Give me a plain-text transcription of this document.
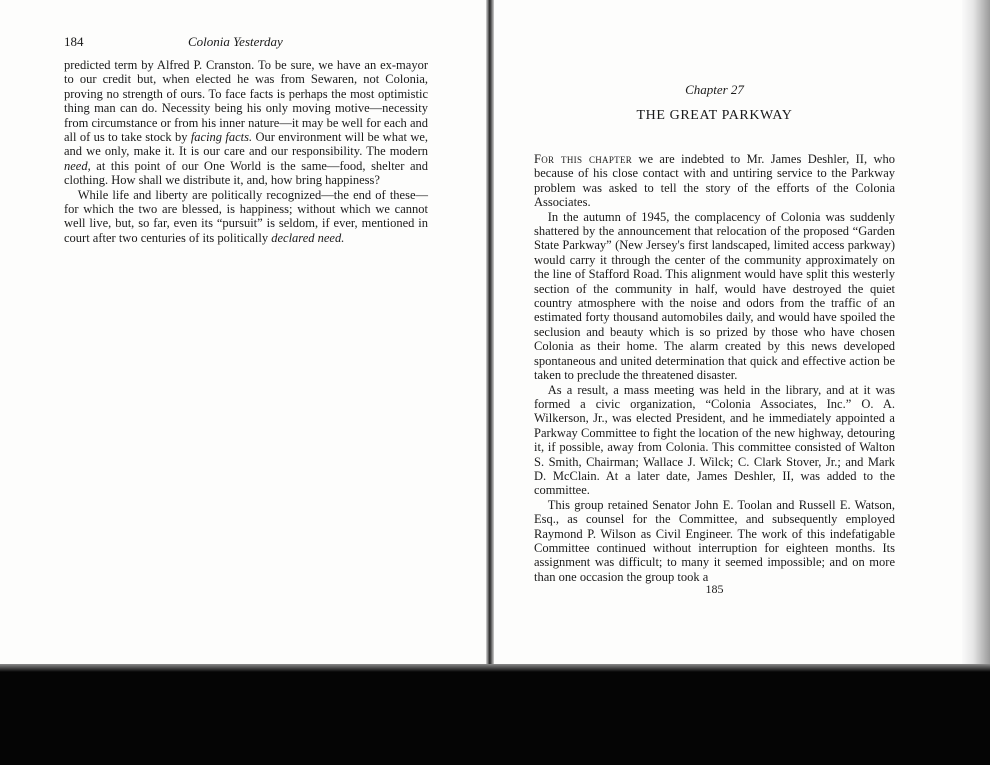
184	Colonia Yesterday

predicted term by Alfred P. Cranston. To be sure, we have an ex-mayor to our credit but, when elected he was from Sewaren, not Colonia, proving no strength of ours. To face facts is perhaps the most optimistic thing man can do. Necessity being his only moving motive—necessity from circumstance or from his inner nature—it may be well for each and all of us to take stock by facing facts. Our environment will be what we, and we only, make it. It is our care and our responsibility. The modern need, at this point of our One World is the same—food, shelter and clothing. How shall we distribute it, and, how bring happiness?

While life and liberty are politically recognized—the end of these—for which the two are blessed, is happiness; without which we cannot well live, but, so far, even its “pursuit” is seldom, if ever, mentioned in court after two centuries of its politically declared need.

Chapter 27
THE GREAT PARKWAY

For this chapter we are indebted to Mr. James Deshler, II, who because of his close contact with and untiring service to the Parkway problem was asked to tell the story of the efforts of the Colonia Associates.

In the autumn of 1945, the complacency of Colonia was suddenly shattered by the announcement that relocation of the proposed “Garden State Parkway” (New Jersey's first landscaped, limited access parkway) would carry it through the center of the community approximately on the line of Stafford Road. This alignment would have split this westerly section of the community in half, would have destroyed the quiet country atmosphere with the noise and odors from the traffic of an estimated forty thousand automobiles daily, and would have spoiled the seclusion and beauty which is so prized by those who have chosen Colonia as their home. The alarm created by this news developed spontaneous and united determination that quick and effective action be taken to preclude the threatened disaster.

As a result, a mass meeting was held in the library, and at it was formed a civic organization, “Colonia Associates, Inc.” O. A. Wilkerson, Jr., was elected President, and he immediately appointed a Parkway Committee to fight the location of the new highway, detouring it, if possible, away from Colonia. This committee consisted of Walton S. Smith, Chairman; Wallace J. Wilck; C. Clark Stover, Jr.; and Mark D. McClain. At a later date, James Deshler, II, was added to the committee.

This group retained Senator John E. Toolan and Russell E. Watson, Esq., as counsel for the Committee, and subsequently employed Raymond P. Wilson as Civil Engineer. The work of this indefatigable Committee continued without interruption for eighteen months. Its assignment was difficult; to many it seemed impossible; and on more than one occasion the group took a

185
